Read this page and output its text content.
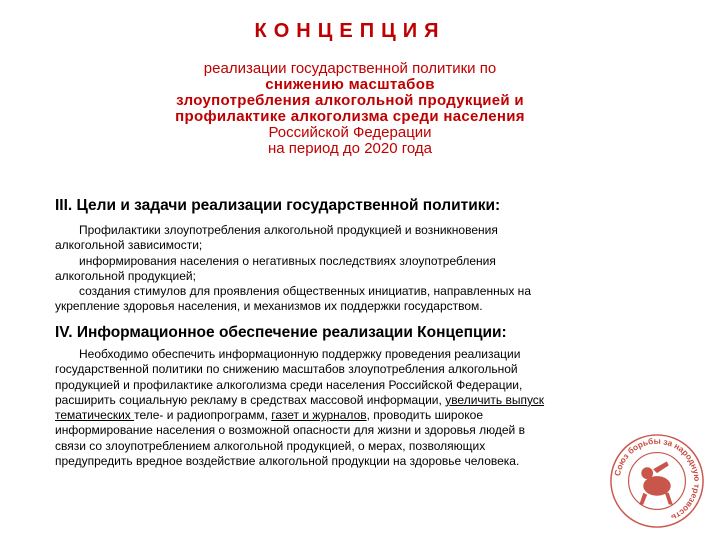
КОНЦЕПЦИЯ
реализации государственной политики по
снижению масштабов
злоупотребления алкогольной продукцией и
профилактике алкоголизма среди населения
Российской Федерации
на период до 2020 года
III. Цели и задачи реализации государственной политики:
Профилактики злоупотребления алкогольной продукцией и возникновения
алкогольной зависимости;
информирования населения о негативных последствиях злоупотребления
алкогольной продукцией;
создания стимулов для проявления общественных инициатив, направленных на
укрепление здоровья населения, и механизмов их поддержки государством.
IV. Информационное обеспечение реализации Концепции:
Необходимо обеспечить информационную поддержку проведения реализации
государственной политики по снижению масштабов злоупотребления алкогольной
продукцией и профилактике алкоголизма среди населения Российской Федерации,
расширить социальную рекламу в средствах массовой информации, увеличить выпуск
тематических теле- и радиопрограмм, газет и журналов, проводить широкое
информирование населения о возможной опасности для жизни и здоровья людей в
связи со злоупотреблением алкогольной продукцией, о мерах, позволяющих
предупредить вредное воздействие алкогольной продукции на здоровье человека.
Союз борьбы за народную трезвость
